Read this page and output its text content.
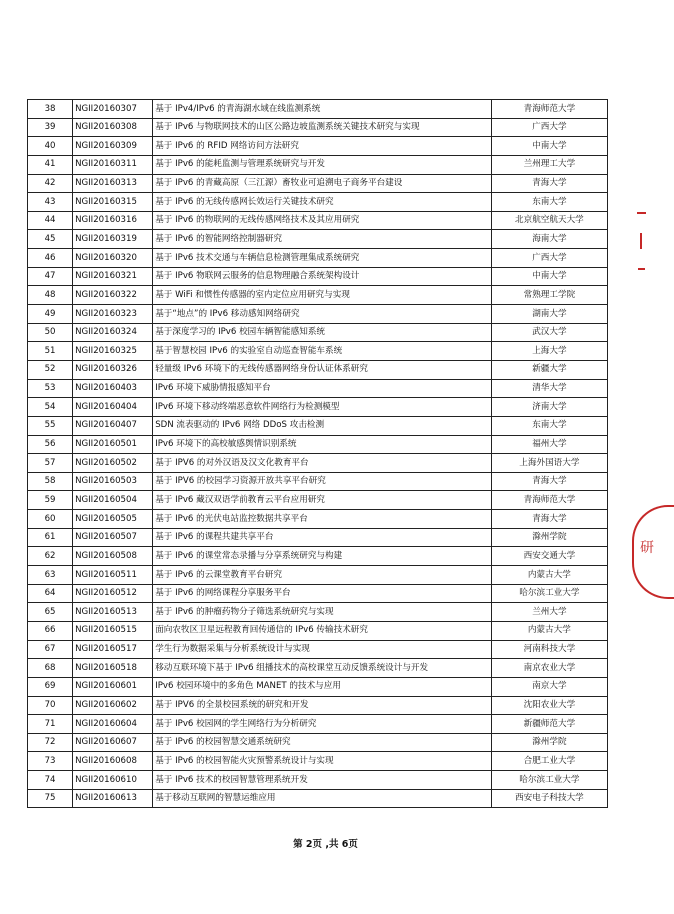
38	NGII20160307	基于 IPv4/IPv6 的青海湖水域在线监测系统	青海师范大学
39	NGII20160308	基于 IPv6 与物联网技术的山区公路边坡监测系统关键技术研究与实现	广西大学
40	NGII20160309	基于 IPv6 的 RFID 网络访问方法研究	中南大学
41	NGII20160311	基于 IPv6 的能耗监测与管理系统研究与开发	兰州理工大学
42	NGII20160313	基于 IPv6 的青藏高原（三江源）畜牧业可追溯电子商务平台建设	青海大学
43	NGII20160315	基于 IPv6 的无线传感网长效运行关键技术研究	东南大学
44	NGII20160316	基于 IPv6 的物联网的无线传感网络技术及其应用研究	北京航空航天大学
45	NGII20160319	基于 IPv6 的智能网络控制器研究	海南大学
46	NGII20160320	基于 IPv6 技术交通与车辆信息检测管理集成系统研究	广西大学
47	NGII20160321	基于 IPv6 物联网云服务的信息物理融合系统架构设计	中南大学
48	NGII20160322	基于 WiFi 和惯性传感器的室内定位应用研究与实现	常熟理工学院
49	NGII20160323	基于“地点”的 IPv6 移动感知网络研究	湖南大学
50	NGII20160324	基于深度学习的 IPv6 校园车辆智能感知系统	武汉大学
51	NGII20160325	基于智慧校园 IPv6 的实验室自动巡查智能车系统	上海大学
52	NGII20160326	轻量级 IPv6 环境下的无线传感器网络身份认证体系研究	新疆大学
53	NGII20160403	IPv6 环境下威胁情报感知平台	清华大学
54	NGII20160404	IPv6 环境下移动终端恶意软件网络行为检测模型	济南大学
55	NGII20160407	SDN 流表驱动的 IPv6 网络 DDoS 攻击检测	东南大学
56	NGII20160501	IPv6 环境下的高校敏感舆情识别系统	福州大学
57	NGII20160502	基于 IPV6 的对外汉语及汉文化教育平台	上海外国语大学
58	NGII20160503	基于 IPV6 的校园学习资源开放共享平台研究	青海大学
59	NGII20160504	基于 IPv6 藏汉双语学前教育云平台应用研究	青海师范大学
60	NGII20160505	基于 IPv6 的光伏电站监控数据共享平台	青海大学
61	NGII20160507	基于 IPv6 的课程共建共享平台	滁州学院
62	NGII20160508	基于 IPv6 的课堂常态录播与分享系统研究与构建	西安交通大学
63	NGII20160511	基于 IPv6 的云课堂教育平台研究	内蒙古大学
64	NGII20160512	基于 IPv6 的网络课程分享服务平台	哈尔滨工业大学
65	NGII20160513	基于 IPv6 的肿瘤药物分子筛选系统研究与实现	兰州大学
66	NGII20160515	面向农牧区卫星远程教育回传通信的 IPv6 传输技术研究	内蒙古大学
67	NGII20160517	学生行为数据采集与分析系统设计与实现	河南科技大学
68	NGII20160518	移动互联环境下基于 IPv6 组播技术的高校课堂互动反馈系统设计与开发	南京农业大学
69	NGII20160601	IPv6 校园环境中的多角色 MANET 的技术与应用	南京大学
70	NGII20160602	基于 IPV6 的全景校园系统的研究和开发	沈阳农业大学
71	NGII20160604	基于 IPv6 校园网的学生网络行为分析研究	新疆师范大学
72	NGII20160607	基于 IPv6 的校园智慧交通系统研究	滁州学院
73	NGII20160608	基于 IPv6 的校园智能火灾预警系统设计与实现	合肥工业大学
74	NGII20160610	基于 IPv6 技术的校园智慧管理系统开发	哈尔滨工业大学
75	NGII20160613	基于移动互联网的智慧运维应用	西安电子科技大学
研
第 2页 ,共 6页
